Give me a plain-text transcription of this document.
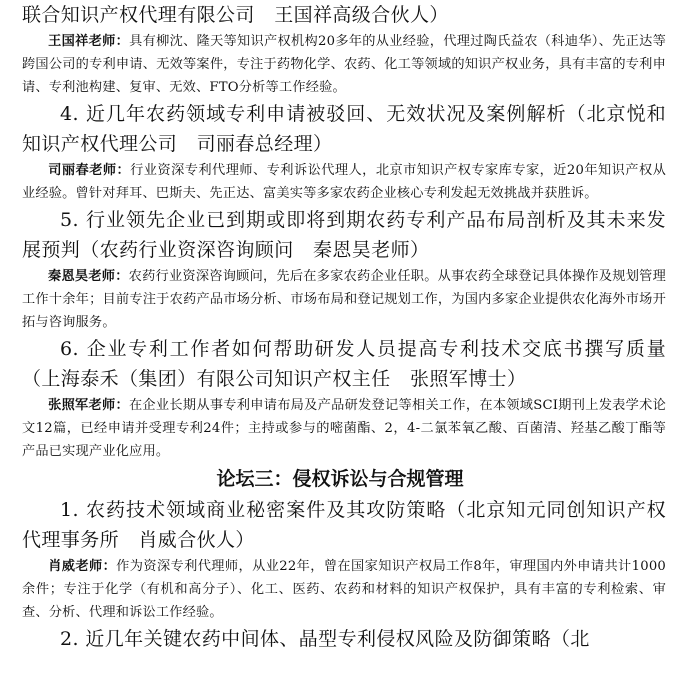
联合知识产权代理有限公司　王国祥高级合伙人）

王国祥老师：具有柳沈、隆天等知识产权机构20多年的从业经验，代理过陶氏益农（科迪华）、先正达等跨国公司的专利申请、无效等案件，专注于药物化学、农药、化工等领域的知识产权业务，具有丰富的专利申请、专利池构建、复审、无效、FTO分析等工作经验。

4. 近几年农药领域专利申请被驳回、无效状况及案例解析（北京悦和知识产权代理公司　司丽春总经理）

司丽春老师：行业资深专利代理师、专利诉讼代理人，北京市知识产权专家库专家，近20年知识产权从业经验。曾针对拜耳、巴斯夫、先正达、富美实等多家农药企业核心专利发起无效挑战并获胜诉。

5. 行业领先企业已到期或即将到期农药专利产品布局剖析及其未来发展预判（农药行业资深咨询顾问　秦恩昊老师）

秦恩昊老师：农药行业资深咨询顾问，先后在多家农药企业任职。从事农药全球登记具体操作及规划管理工作十余年；目前专注于农药产品市场分析、市场布局和登记规划工作，为国内多家企业提供农化海外市场开拓与咨询服务。

6. 企业专利工作者如何帮助研发人员提高专利技术交底书撰写质量（上海泰禾（集团）有限公司知识产权主任　张照军博士）

张照军老师：在企业长期从事专利申请布局及产品研发登记等相关工作，在本领域SCI期刊上发表学术论文12篇，已经申请并受理专利24件；主持或参与的嘧菌酯、2，4-二氯苯氧乙酸、百菌清、羟基乙酸丁酯等产品已实现产业化应用。

论坛三：侵权诉讼与合规管理

1. 农药技术领域商业秘密案件及其攻防策略（北京知元同创知识产权代理事务所　肖威合伙人）

肖威老师：作为资深专利代理师，从业22年，曾在国家知识产权局工作8年，审理国内外申请共计1000余件；专注于化学（有机和高分子）、化工、医药、农药和材料的知识产权保护，具有丰富的专利检索、审查、分析、代理和诉讼工作经验。

2. 近几年关键农药中间体、晶型专利侵权风险及防御策略（北
